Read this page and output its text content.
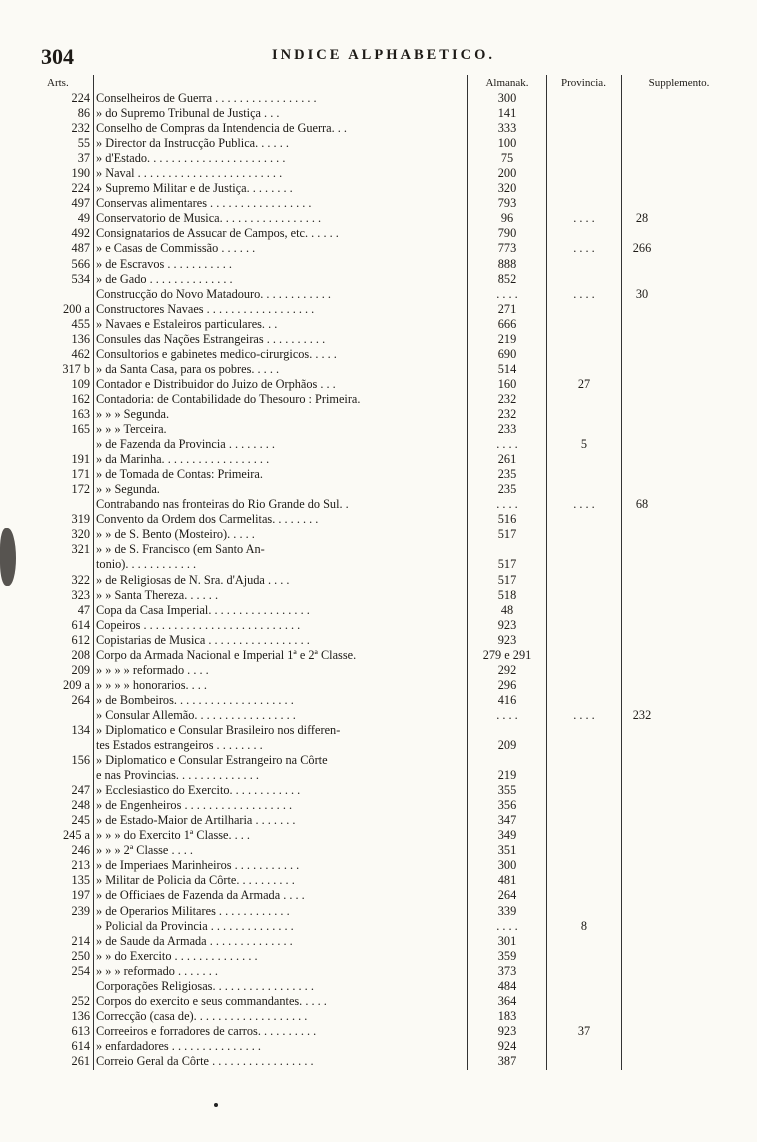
304	INDICE ALPHABETICO.
Arts.	Almanak.	Provincia.	Supplemento.
224 Conselheiros de Guerra . . . . . . . . . . . . . . . . .	300
86 » do Supremo Tribunal de Justiça . . .	141
232 Conselho de Compras da Intendencia de Guerra. . .	333
55 » Director da Instrucção Publica. . . . . .	100
37 » d'Estado. . . . . . . . . . . . . . . . . . . . . . .	75
190 » Naval . . . . . . . . . . . . . . . . . . . . . . . .	200
224 » Supremo Militar e de Justiça. . . . . . . .	320
497 Conservas alimentares . . . . . . . . . . . . . . . . .	793
49 Conservatorio de Musica. . . . . . . . . . . . . . . . .	96	. . . .	28
492 Consignatarios de Assucar de Campos, etc. . . . . .	790
487 » e Casas de Commissão . . . . . .	773	. . . .	266
566 » de Escravos . . . . . . . . . . .	888
534 » de Gado . . . . . . . . . . . . . .	852
Construcção do Novo Matadouro. . . . . . . . . . . .	. . . .	. . . .	30
200 a Constructores Navaes . . . . . . . . . . . . . . . . . .	271
455 » Navaes e Estaleiros particulares. . .	666
136 Consules das Nações Estrangeiras . . . . . . . . . .	219
462 Consultorios e gabinetes medico-cirurgicos. . . . .	690
317 b » da Santa Casa, para os pobres. . . . .	514
109 Contador e Distribuidor do Juizo de Orphãos . . .	160	27
162 Contadoria: de Contabilidade do Thesouro : Primeira.	232
163 » » » Segunda.	232
165 » » » Terceira.	233
» de Fazenda da Provincia . . . . . . . .	. . . .	5
191 » da Marinha. . . . . . . . . . . . . . . . . .	261
171 » de Tomada de Contas: Primeira.	235
172 » » Segunda.	235
Contrabando nas fronteiras do Rio Grande do Sul. .	. . . .	. . . .	68
319 Convento da Ordem dos Carmelitas. . . . . . . .	516
320 » » de S. Bento (Mosteiro). . . . .	517
321 » » de S. Francisco (em Santo An-
tonio). . . . . . . . . . . .	517
322 » de Religiosas de N. Sra. d'Ajuda . . . .	517
323 » » Santa Thereza. . . . . .	518
47 Copa da Casa Imperial. . . . . . . . . . . . . . . . .	48
614 Copeiros . . . . . . . . . . . . . . . . . . . . . . . . . .	923
612 Copistarias de Musica . . . . . . . . . . . . . . . . .	923
208 Corpo da Armada Nacional e Imperial 1ª e 2ª Classe.	279 e 291
209 » » » » reformado . . . .	292
209 a » » » » honorarios. . . .	296
264 » de Bombeiros. . . . . . . . . . . . . . . . . . . .	416
» Consular Allemão. . . . . . . . . . . . . . . . .	. . . .	. . . .	232
134 » Diplomatico e Consular Brasileiro nos differen-
tes Estados estrangeiros . . . . . . . .	209
156 » Diplomatico e Consular Estrangeiro na Côrte
e nas Provincias. . . . . . . . . . . . . .	219
247 » Ecclesiastico do Exercito. . . . . . . . . . . .	355
248 » de Engenheiros . . . . . . . . . . . . . . . . . .	356
245 » de Estado-Maior de Artilharia . . . . . . .	347
245 a » » » do Exercito 1ª Classe. . . .	349
246 » » » 2ª Classe . . . .	351
213 » de Imperiaes Marinheiros . . . . . . . . . . .	300
135 » Militar de Policia da Côrte. . . . . . . . . .	481
197 » de Officiaes de Fazenda da Armada . . . .	264
239 » de Operarios Militares . . . . . . . . . . . .	339
» Policial da Provincia . . . . . . . . . . . . . .	. . . .	8
214 » de Saude da Armada . . . . . . . . . . . . . .	301
250 » » do Exercito . . . . . . . . . . . . . .	359
254 » » » reformado . . . . . . .	373
Corporações Religiosas. . . . . . . . . . . . . . . . .	484
252 Corpos do exercito e seus commandantes. . . . .	364
136 Correcção (casa de). . . . . . . . . . . . . . . . . . .	183
613 Correeiros e forradores de carros. . . . . . . . . .	923	37
614 » enfardadores . . . . . . . . . . . . . . .	924
261 Correio Geral da Côrte . . . . . . . . . . . . . . . . .	387
